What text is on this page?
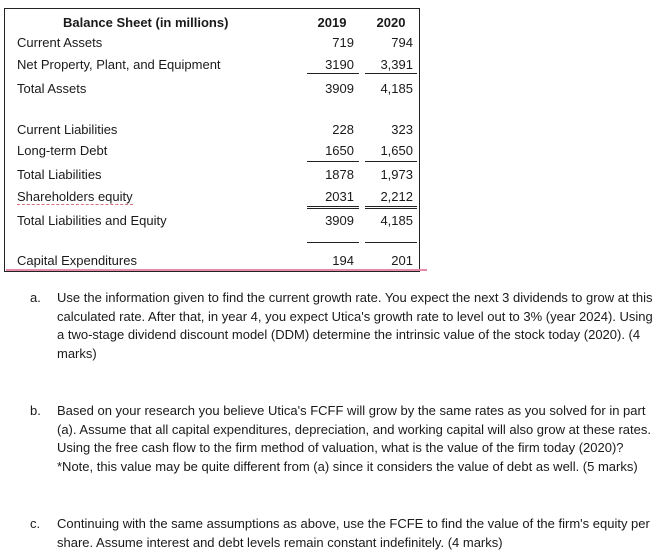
Balance Sheet (in millions)	2019	2020
Current Assets	719	794
Net Property, Plant, and Equipment	3190	3,391
Total Assets	3909	4,185
Current Liabilities	228	323
Long-term Debt	1650	1,650
Total Liabilities	1878	1,973
Shareholders equity	2031	2,212
Total Liabilities and Equity	3909	4,185
Capital Expenditures	194	201
a. Use the information given to find the current growth rate. You expect the next 3 dividends to grow at this calculated rate. After that, in year 4, you expect Utica's growth rate to level out to 3% (year 2024). Using a two-stage dividend discount model (DDM) determine the intrinsic value of the stock today (2020). (4 marks)
b. Based on your research you believe Utica's FCFF will grow by the same rates as you solved for in part (a). Assume that all capital expenditures, depreciation, and working capital will also grow at these rates. Using the free cash flow to the firm method of valuation, what is the value of the firm today (2020)? *Note, this value may be quite different from (a) since it considers the value of debt as well. (5 marks)
c. Continuing with the same assumptions as above, use the FCFE to find the value of the firm's equity per share. Assume interest and debt levels remain constant indefinitely. (4 marks)
